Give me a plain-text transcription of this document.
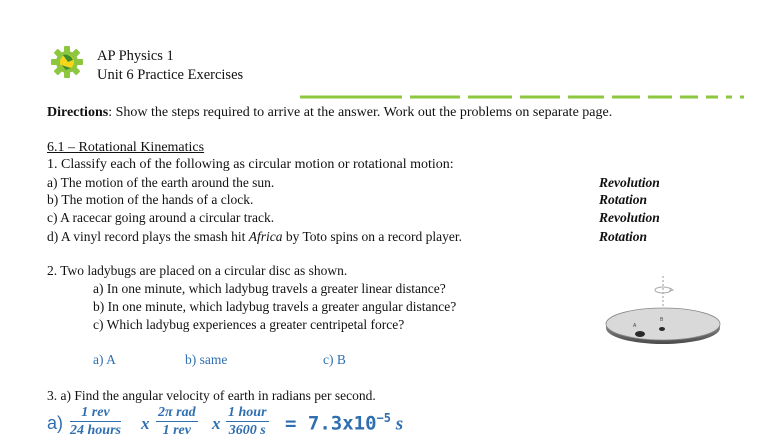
AP Physics 1
Unit 6 Practice Exercises
Directions: Show the steps required to arrive at the answer. Work out the problems on separate page.
6.1 – Rotational Kinematics
1. Classify each of the following as circular motion or rotational motion:
a) The motion of the earth around the sun.	Revolution
b) The motion of the hands of a clock.	Rotation
c) A racecar going around a circular track.	Revolution
d) A vinyl record plays the smash hit Africa by Toto spins on a record player.	Rotation
2. Two ladybugs are placed on a circular disc as shown.
a) In one minute, which ladybug travels a greater linear distance?
b) In one minute, which ladybug travels a greater angular distance?
c) Which ladybug experiences a greater centripetal force?
a) A	b) same	c) B
A
B
3. a) Find the angular velocity of earth in radians per second.
a)
1 rev
24 hours x
2π rad
1 rev	x
1 hour
3600 $s = 7.3x10^{-5}$ s
